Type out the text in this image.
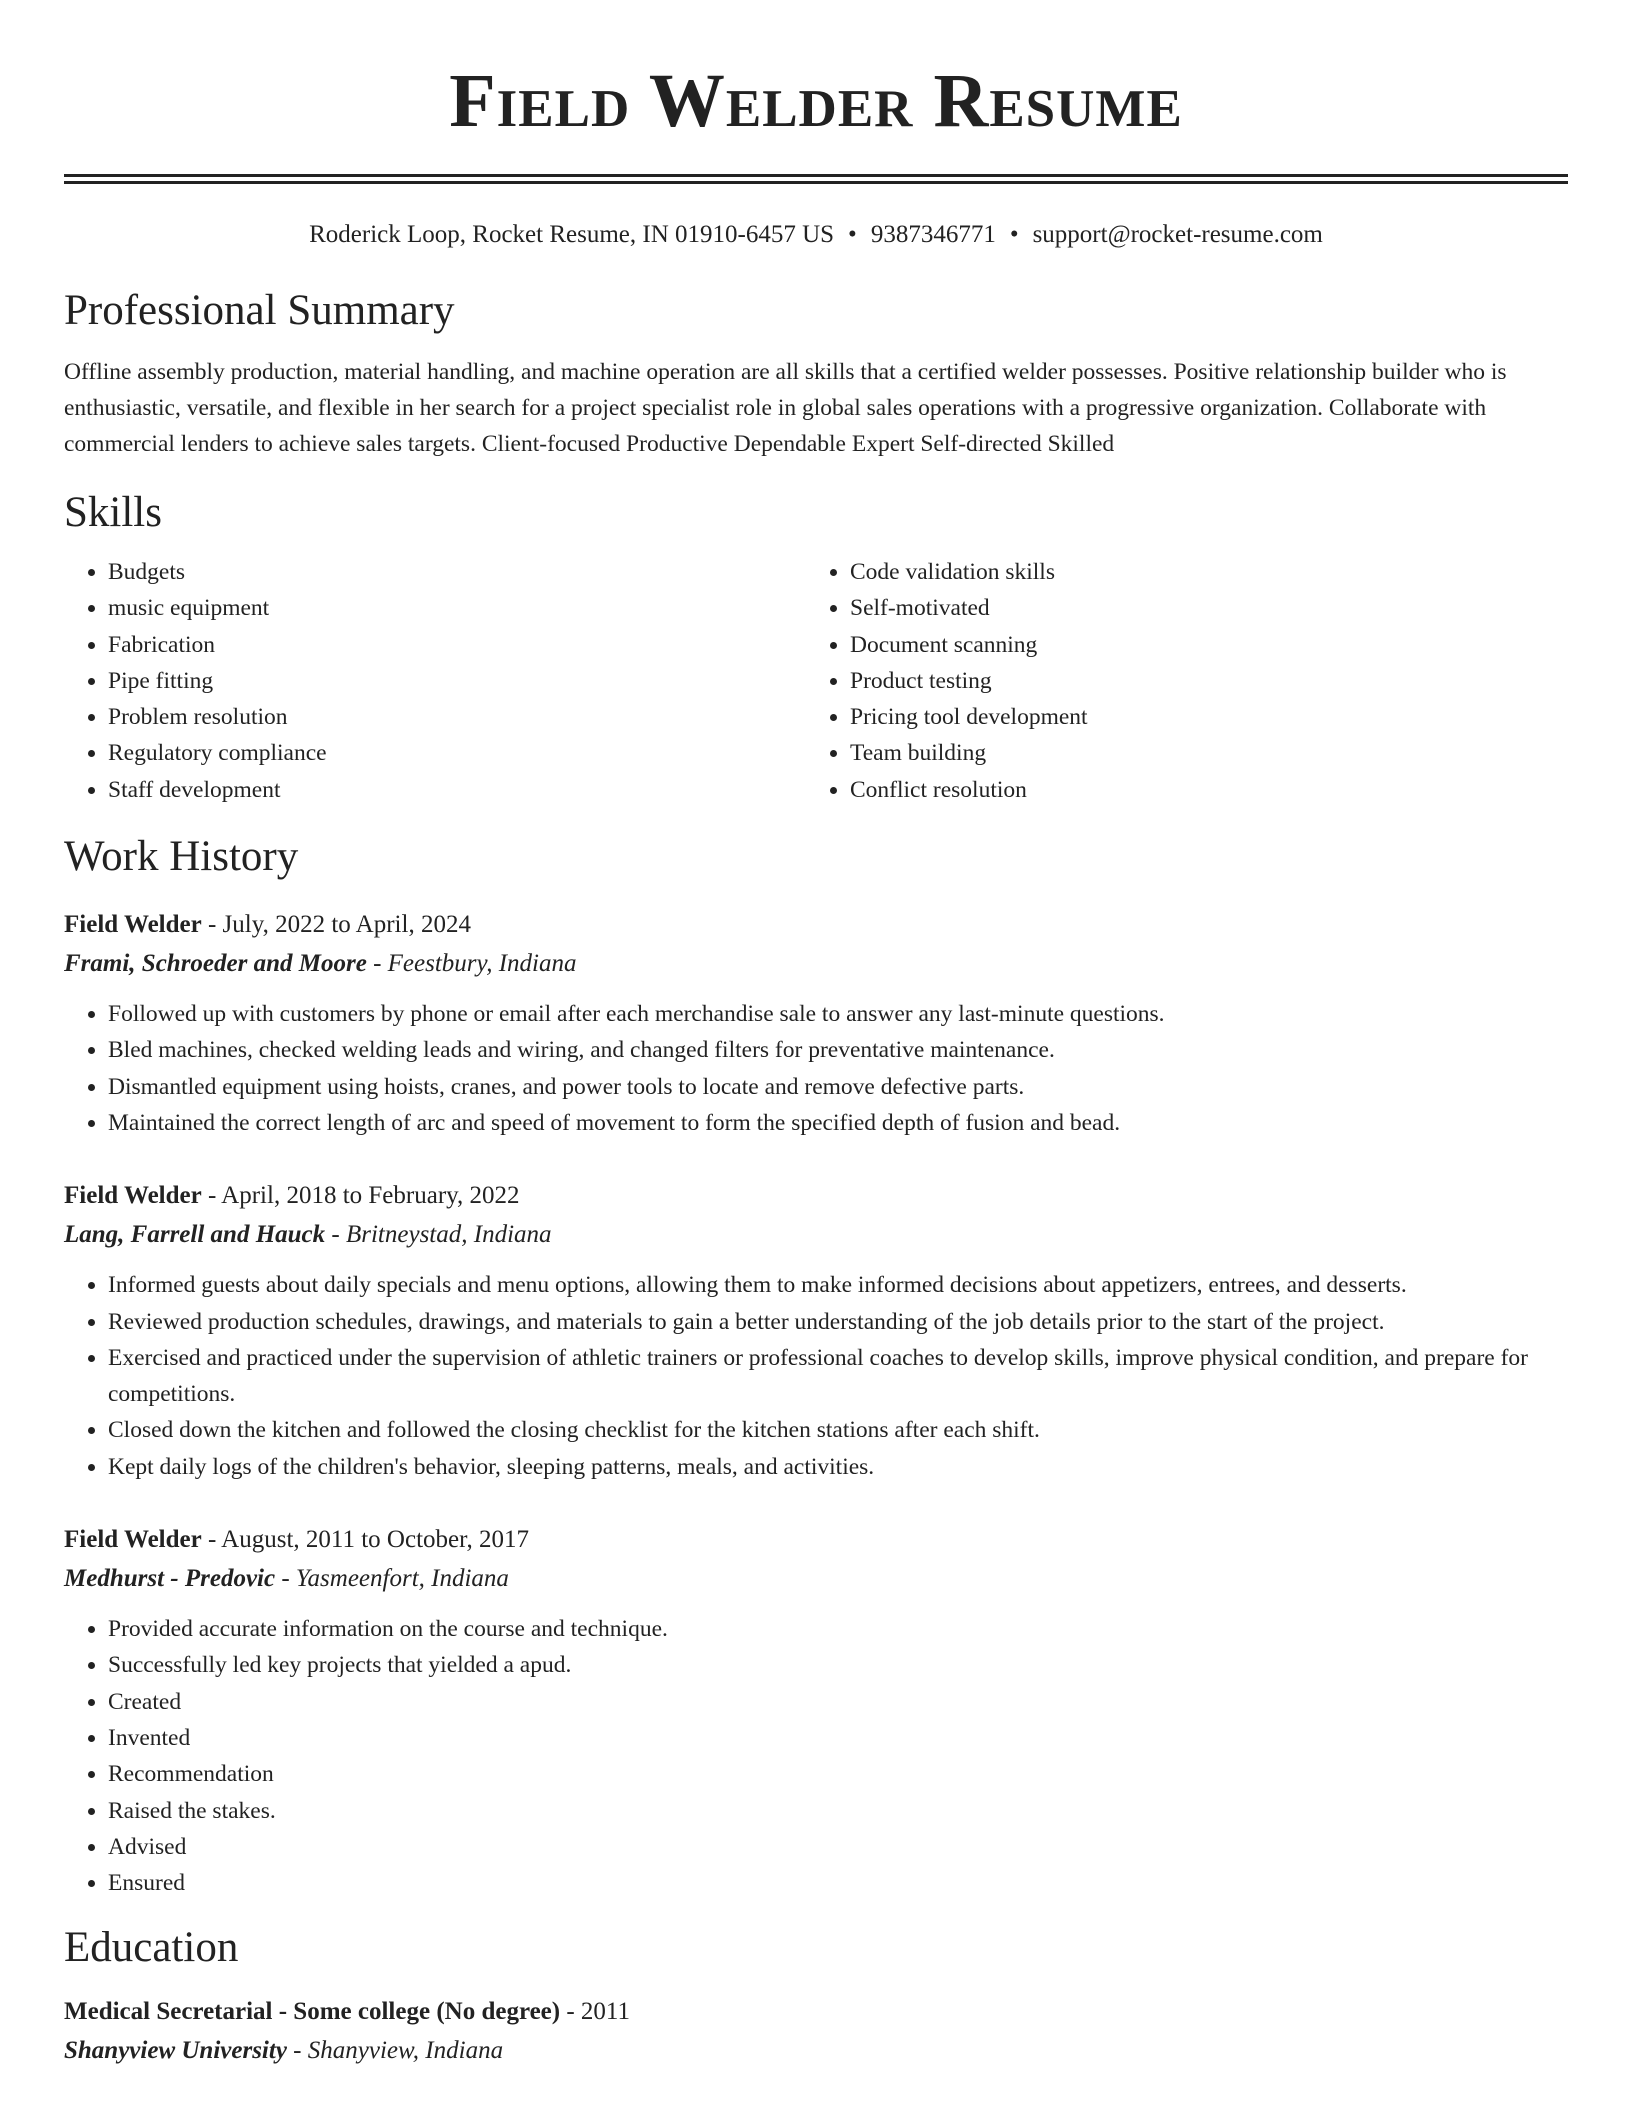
Field Welder Resume
Roderick Loop, Rocket Resume, IN 01910-6457 US • 9387346771 • support@rocket-resume.com
Professional Summary

Offline assembly production, material handling, and machine operation are all skills that a certified welder possesses. Positive relationship builder who is enthusiastic, versatile, and flexible in her search for a project specialist role in global sales operations with a progressive organization. Collaborate with commercial lenders to achieve sales targets. Client-focused Productive Dependable Expert Self-directed Skilled

Skills
• Budgets
• music equipment
• Fabrication
• Pipe fitting
• Problem resolution
• Regulatory compliance
• Staff development
• Code validation skills
• Self-motivated
• Document scanning
• Product testing
• Pricing tool development
• Team building
• Conflict resolution
Work History
Field Welder - July, 2022 to April, 2024
Frami, Schroeder and Moore - Feestbury, Indiana
• Followed up with customers by phone or email after each merchandise sale to answer any last-minute questions.
• Bled machines, checked welding leads and wiring, and changed filters for preventative maintenance.
• Dismantled equipment using hoists, cranes, and power tools to locate and remove defective parts.
• Maintained the correct length of arc and speed of movement to form the specified depth of fusion and bead.
Field Welder - April, 2018 to February, 2022
Lang, Farrell and Hauck - Britneystad, Indiana
• Informed guests about daily specials and menu options, allowing them to make informed decisions about appetizers, entrees, and desserts.
• Reviewed production schedules, drawings, and materials to gain a better understanding of the job details prior to the start of the project.
• Exercised and practiced under the supervision of athletic trainers or professional coaches to develop skills, improve physical condition, and prepare for competitions.
• Closed down the kitchen and followed the closing checklist for the kitchen stations after each shift.
• Kept daily logs of the children's behavior, sleeping patterns, meals, and activities.
Field Welder - August, 2011 to October, 2017
Medhurst - Predovic - Yasmeenfort, Indiana
• Provided accurate information on the course and technique.
• Successfully led key projects that yielded a apud.
• Created
• Invented
• Recommendation
• Raised the stakes.
• Advised
• Ensured
Education
Medical Secretarial - Some college (No degree) - 2011
Shanyview University - Shanyview, Indiana
